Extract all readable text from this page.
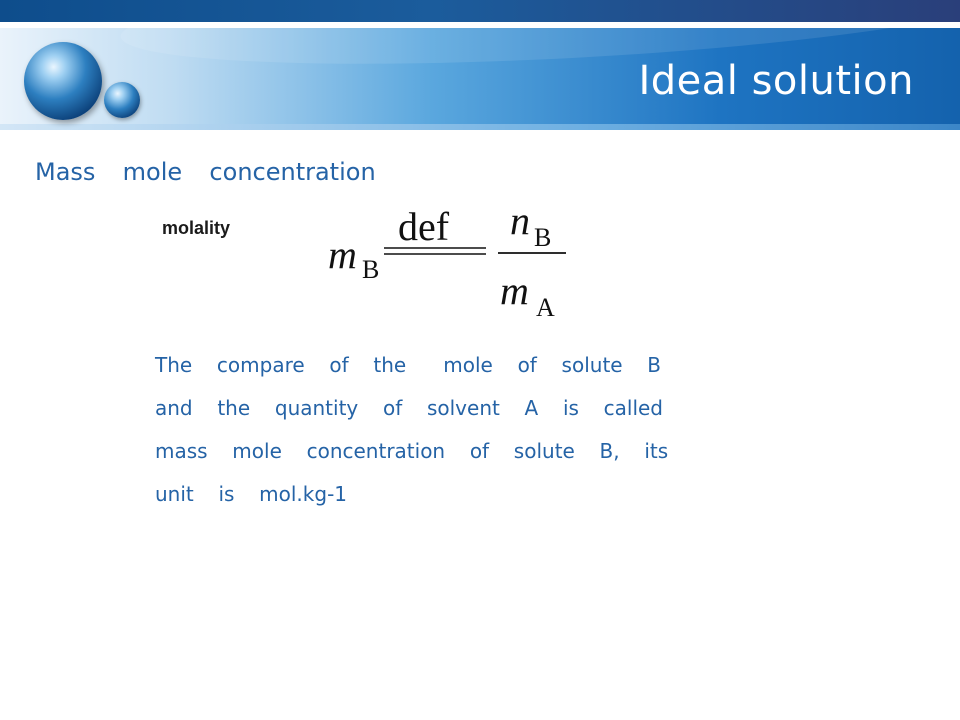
Ideal solution
Mass  mole  concentration
molality
m B
def n B
m A
The  compare  of  the   mole  of  solute  B
and  the  quantity  of  solvent  A  is  called
mass  mole  concentration  of  solute  B,  its
unit  is  mol.kg-1
